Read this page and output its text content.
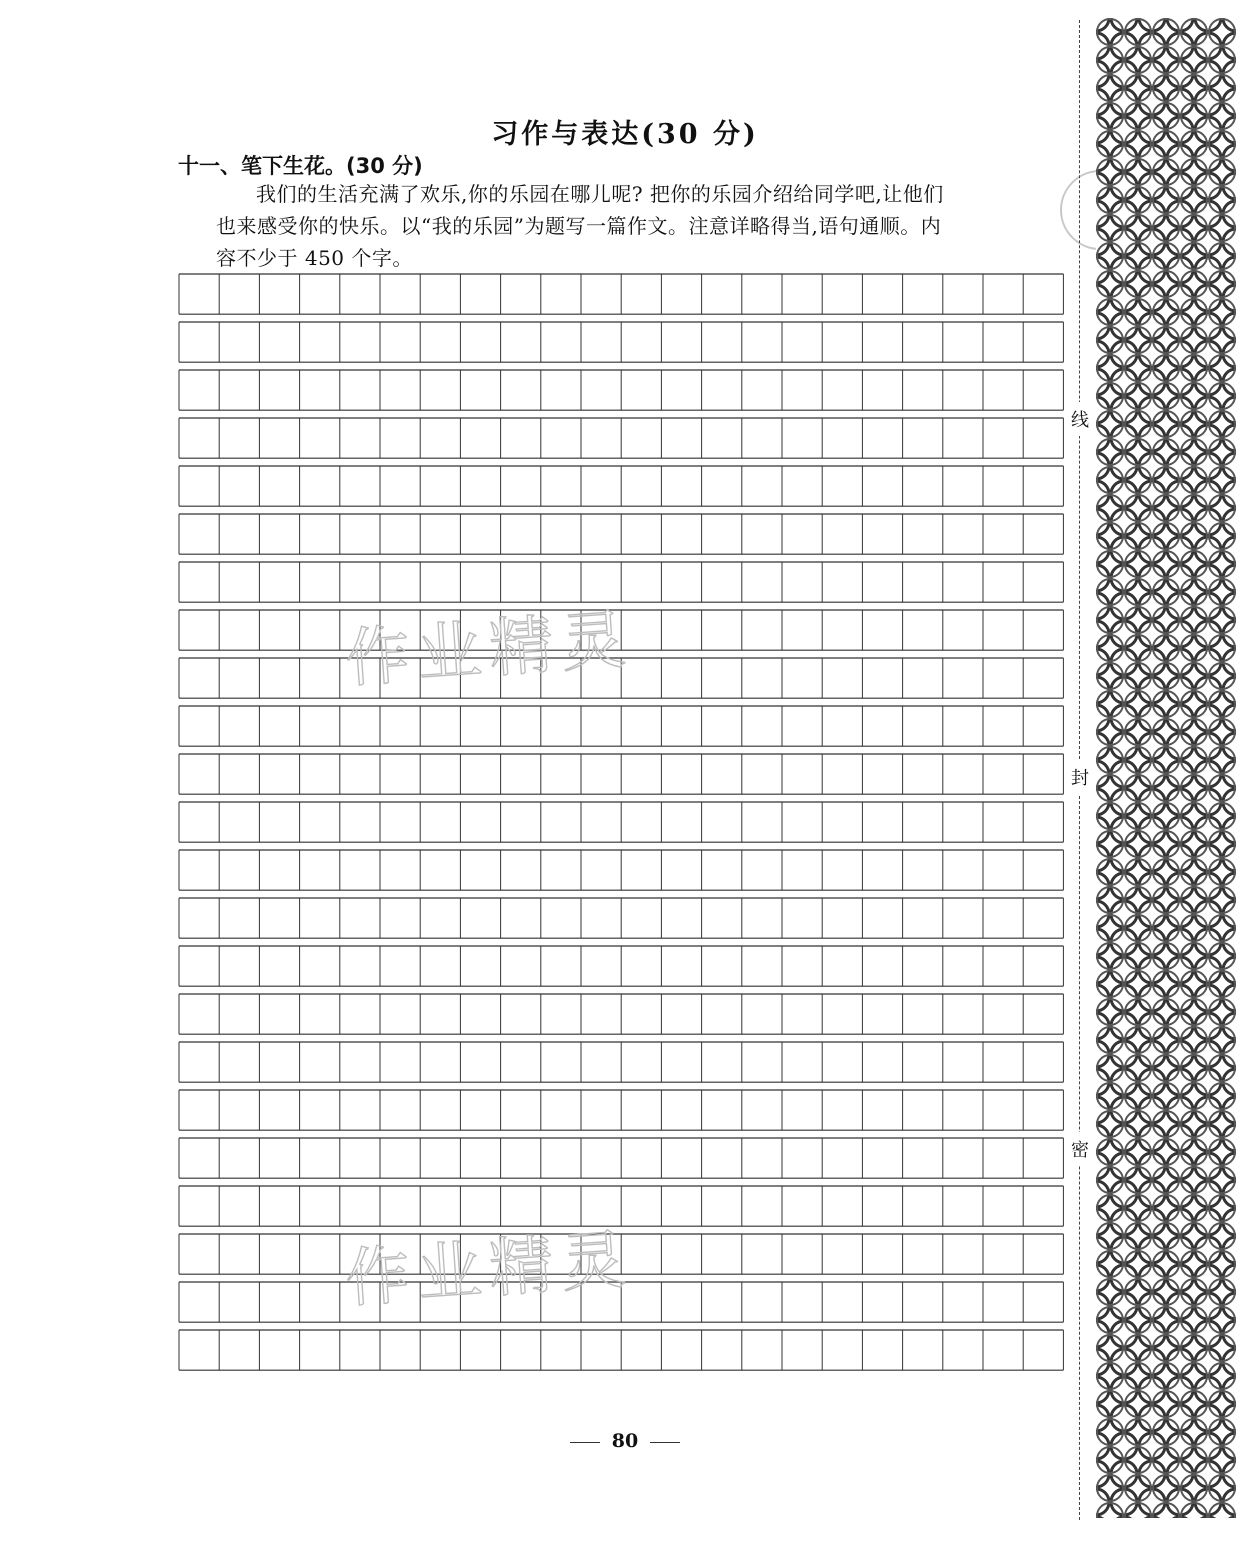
习作与表达(30 分)
十一、笔下生花。(30 分)
我们的生活充满了欢乐,你的乐园在哪儿呢? 把你的乐园介绍给同学吧,让他们
也来感受你的快乐。以“我的乐园”为题写一篇作文。注意详略得当,语句通顺。内
容不少于 450 个字。
作业精灵
作业精灵
线
封
密
80
